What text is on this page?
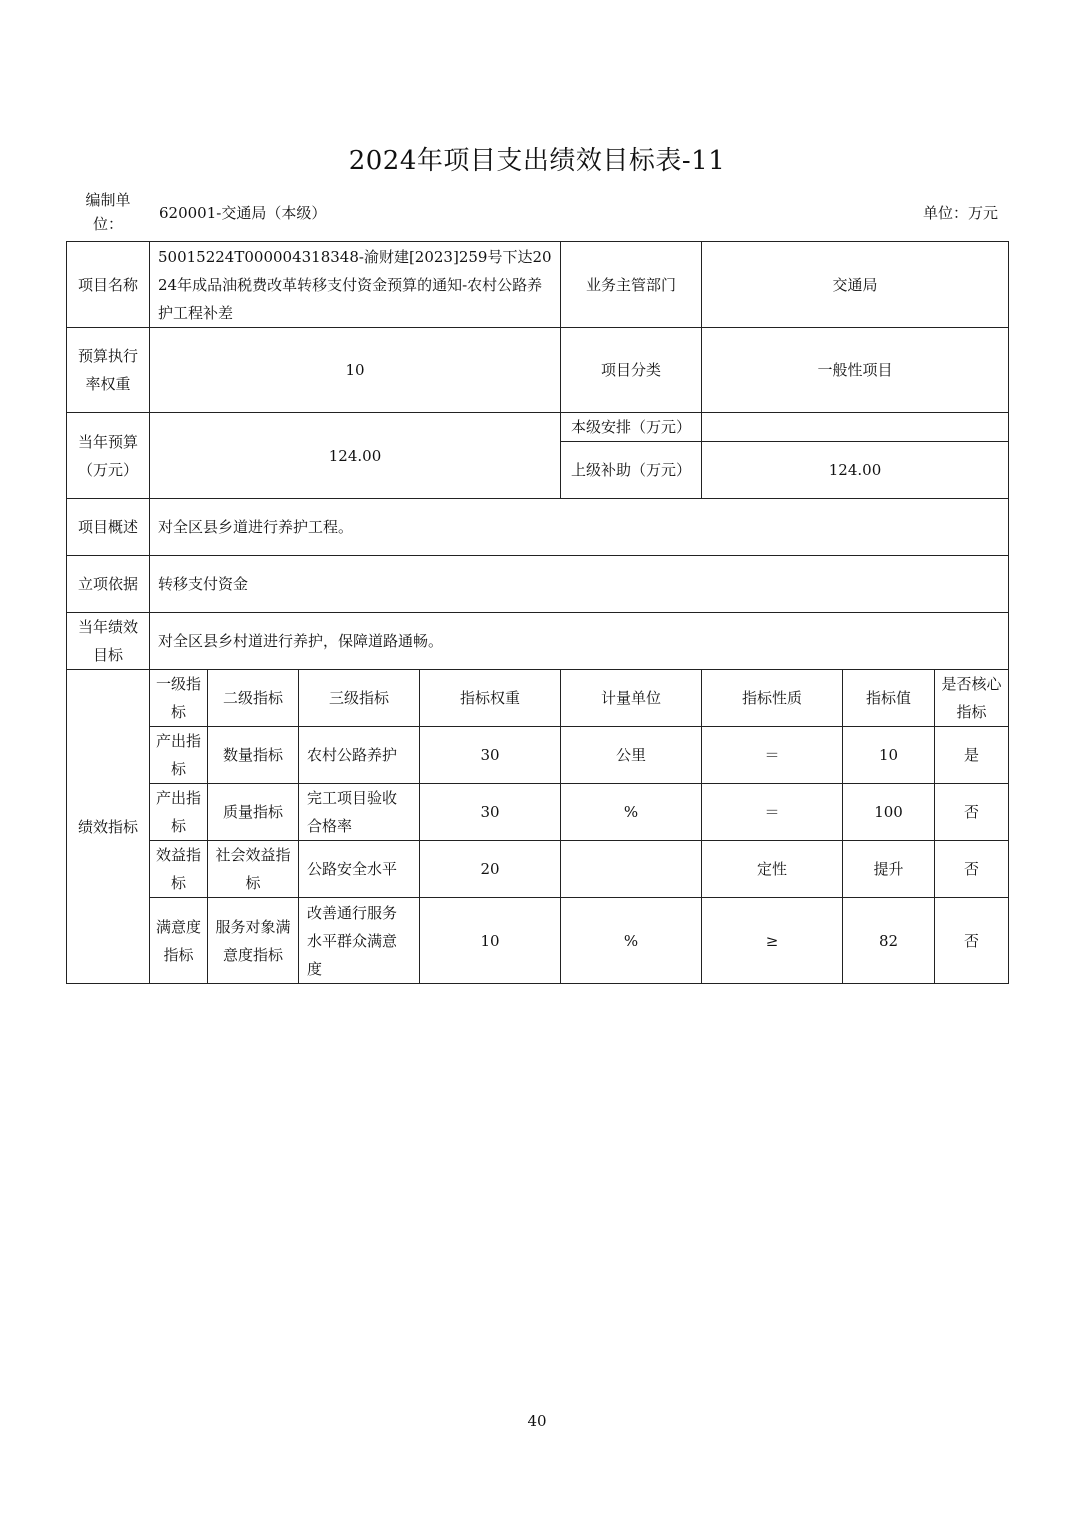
2024年项目支出绩效目标表-11
编制单位：
620001-交通局（本级）	单位：万元
项目名称	50015224T000004318348-渝财建[2023]259号下达2024年成品油税费改革转移支付资金预算的通知-农村公路养护工程补差				业务主管部门	交通局		
预算执行率权重	10				项目分类	一般性项目		
当年预算（万元）	124.00				本级安排（万元）			
					上级补助（万元）	124.00		
项目概述	对全区县乡道进行养护工程。							
立项依据	转移支付资金							
当年绩效目标	对全区县乡村道进行养护，保障道路通畅。							
绩效指标	一级指标	二级指标	三级指标	指标权重	计量单位	指标性质	指标值	是否核心指标
	产出指标	数量指标	农村公路养护	30	公里	＝	10	是
	产出指标	质量指标	完工项目验收合格率	30	%	＝	100	否
	效益指标	社会效益指标	公路安全水平	20		定性	提升	否
	满意度指标	服务对象满意度指标	改善通行服务水平群众满意度	10	%	≥	82	否
40
